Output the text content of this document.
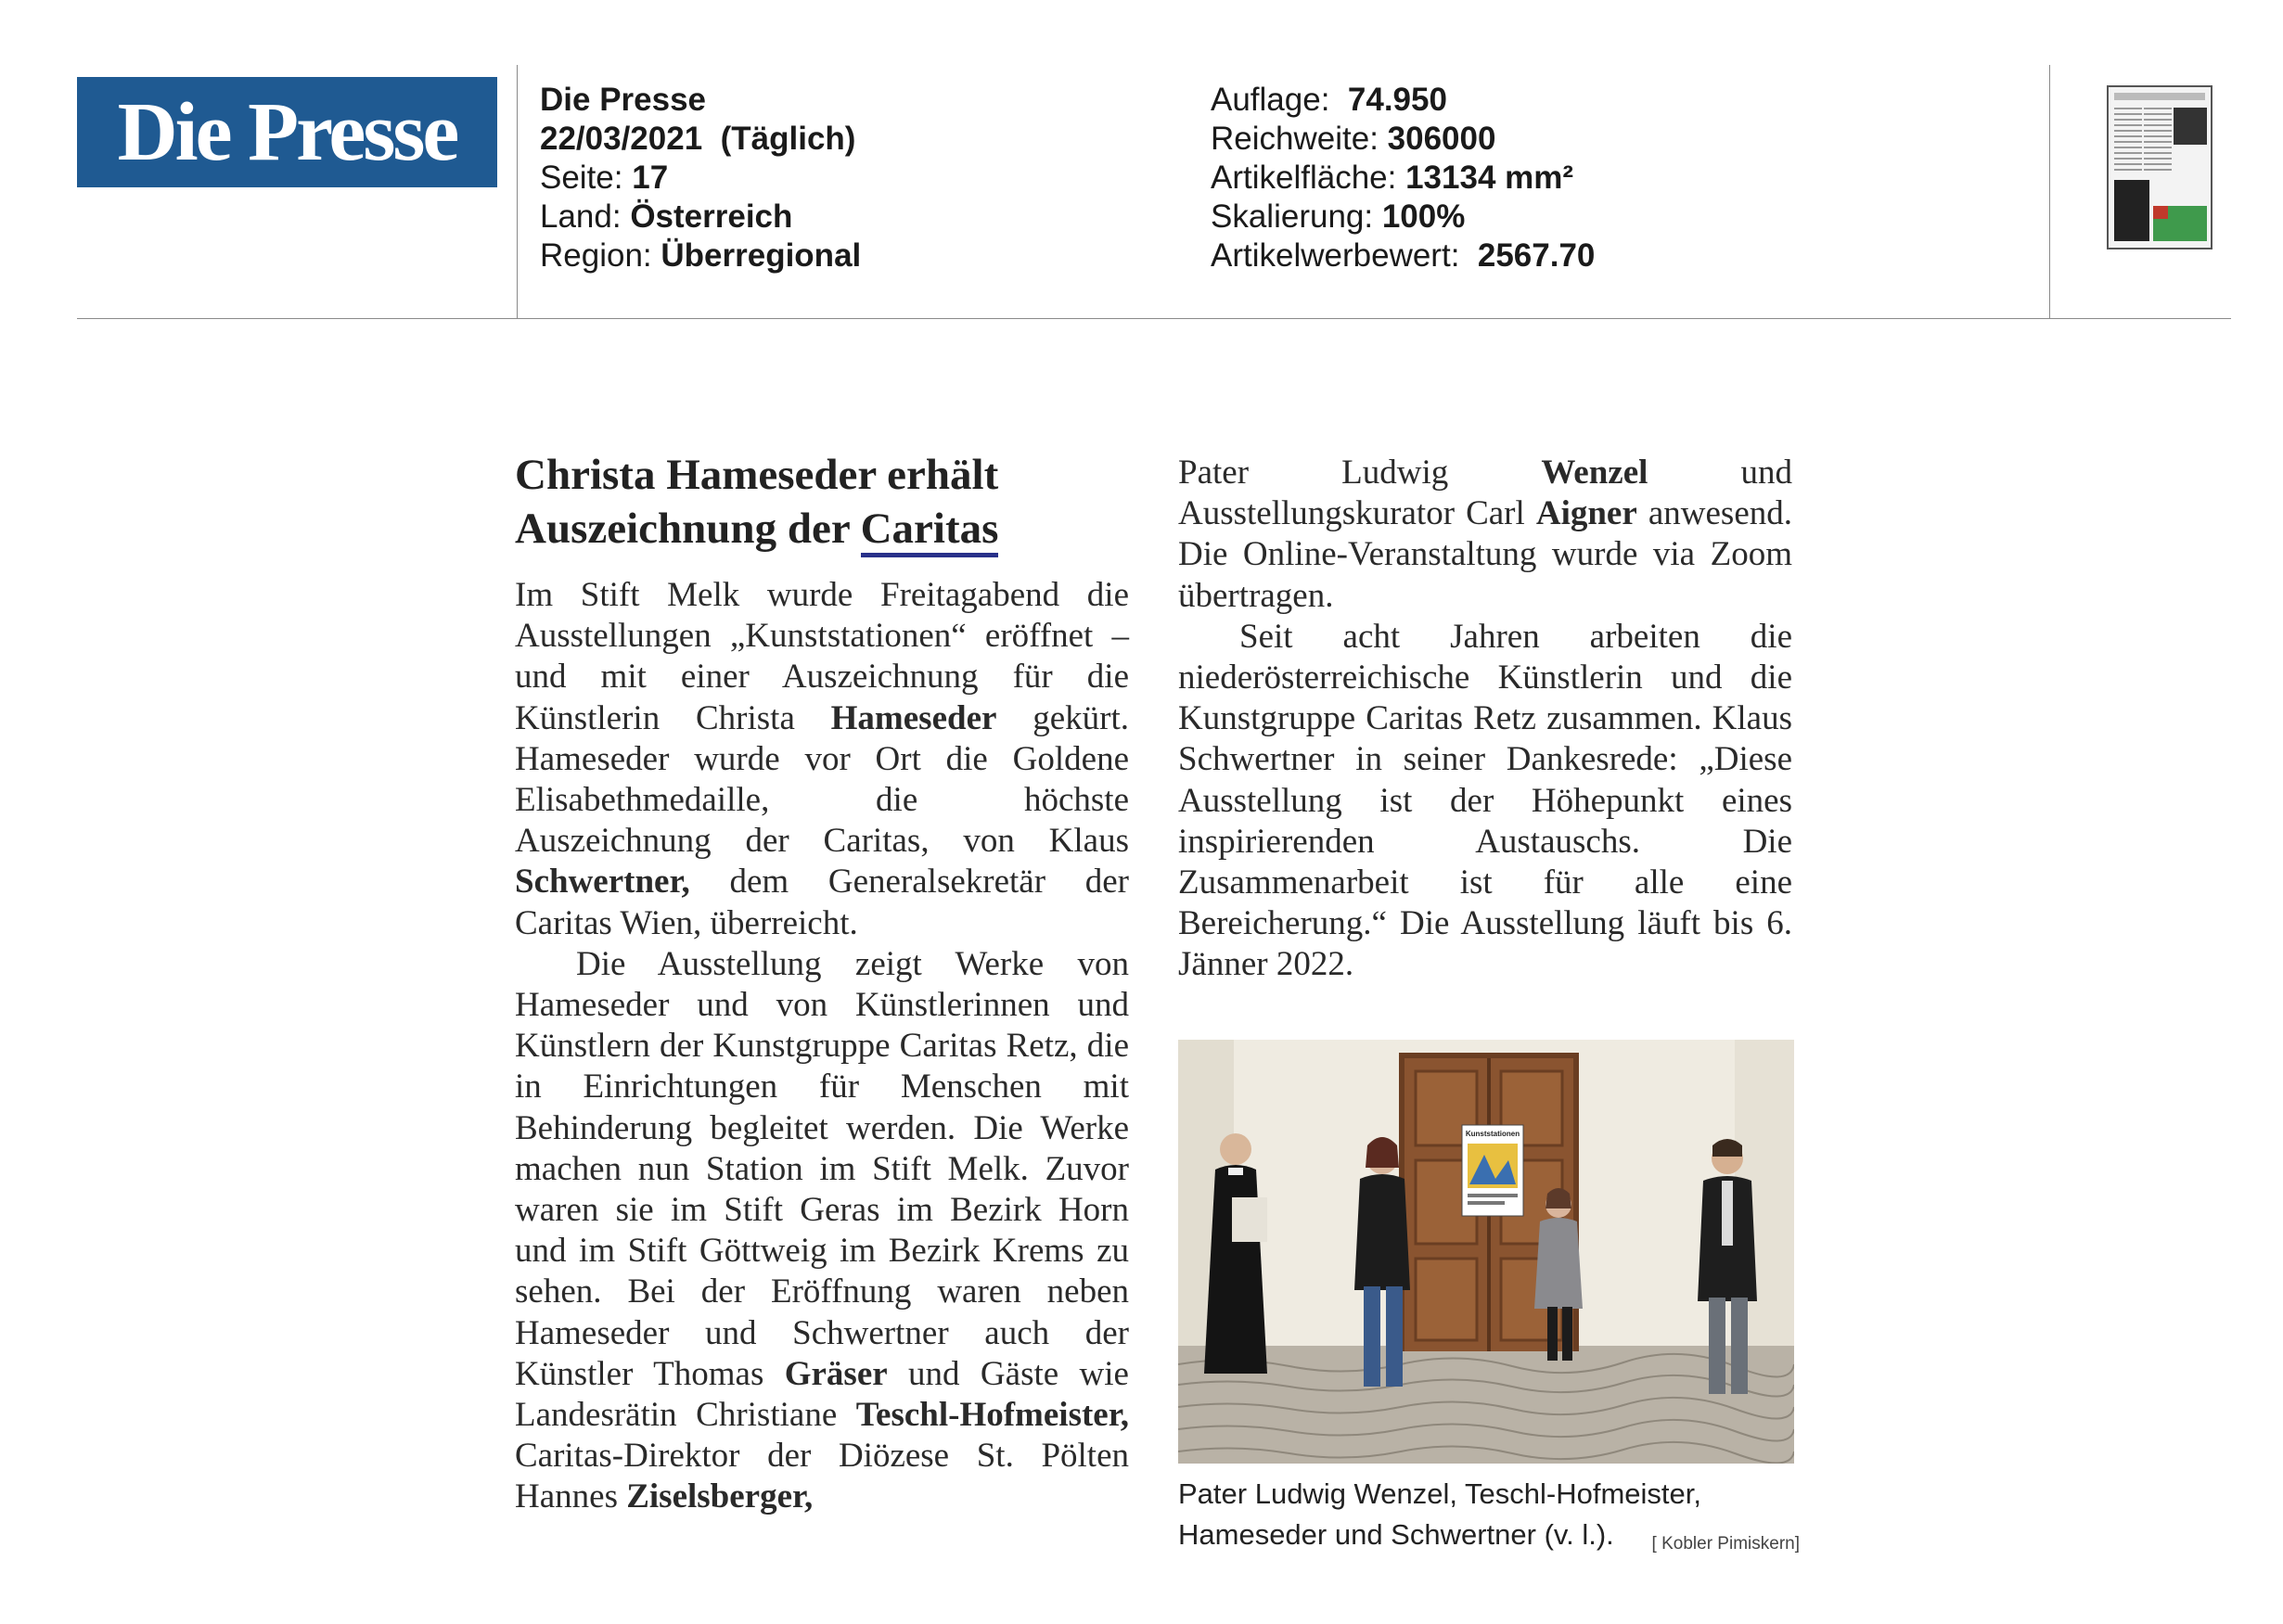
Die Presse	Die Presse
22/03/2021  (Täglich)
Seite: 17
Land: Österreich
Region: Überregional
Auflage:  74.950
Reichweite: 306000
Artikelfläche: 13134 mm²
Skalierung: 100%
Artikelwerbewert:  2567.70
Christa Hameseder erhält
Auszeichnung der Caritas

Im Stift Melk wurde Freitagabend die Ausstellungen „Kunststationen“ eröffnet – und mit einer Auszeichnung für die Künstlerin Christa Hameseder gekürt. Hameseder wurde vor Ort die Goldene Elisabethmedaille, die höchste Auszeichnung der Caritas, von Klaus Schwertner, dem Generalsekretär der Caritas Wien, überreicht.

Die Ausstellung zeigt Werke von Hameseder und von Künstlerinnen und Künstlern der Kunstgruppe Caritas Retz, die in Einrichtungen für Menschen mit Behinderung begleitet werden. Die Werke machen nun Station im Stift Melk. Zuvor waren sie im Stift Geras im Bezirk Horn und im Stift Göttweig im Bezirk Krems zu sehen. Bei der Eröffnung waren neben Hameseder und Schwertner auch der Künstler Thomas Gräser und Gäste wie Landesrätin Christiane Teschl-Hofmeister, Caritas-Direktor der Diözese St. Pölten Hannes Ziselsberger,

Pater Ludwig Wenzel und Ausstellungskurator Carl Aigner anwesend. Die Online-Veranstaltung wurde via Zoom übertragen.

Seit acht Jahren arbeiten die niederösterreichische Künstlerin und die Kunstgruppe Caritas Retz zusammen. Klaus Schwertner in seiner Dankesrede: „Diese Ausstellung ist der Höhepunkt eines inspirierenden Austauschs. Die Zusammenarbeit ist für alle eine Bereicherung.“ Die Ausstellung läuft bis 6. Jänner 2022.

Kunststationen
Pater Ludwig Wenzel, Teschl-Hofmeister, Hameseder und Schwertner (v. l.). [ Kobler Pimiskern]
